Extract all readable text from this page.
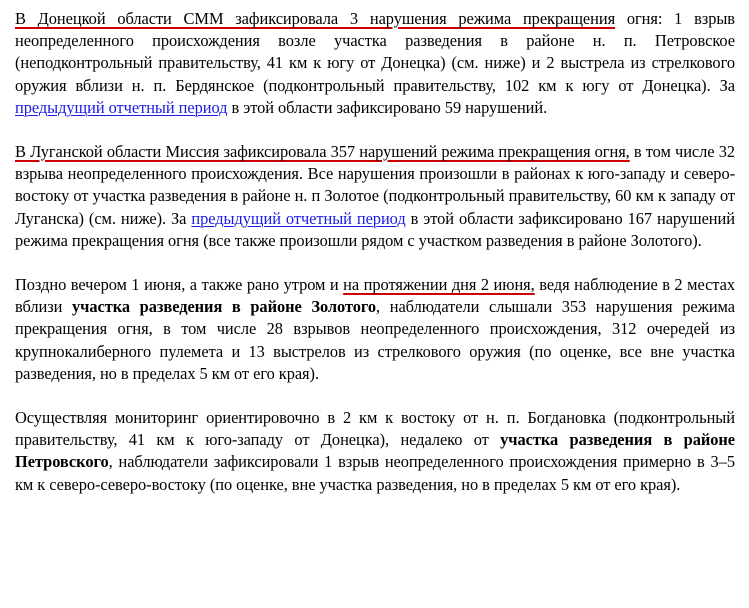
В Донецкой области СММ зафиксировала 3 нарушения режима прекращения огня: 1 взрыв неопределенного происхождения возле участка разведения в районе н. п. Петровское (неподконтрольный правительству, 41 км к югу от Донецка) (см. ниже) и 2 выстрела из стрелкового оружия вблизи н. п. Бердянское (подконтрольный правительству, 102 км к югу от Донецка). За предыдущий отчетный период в этой области зафиксировано 59 нарушений.

В Луганской области Миссия зафиксировала 357 нарушений режима прекращения огня, в том числе 32 взрыва неопределенного происхождения. Все нарушения произошли в районах к юго-западу и северо-востоку от участка разведения в районе н. п Золотое (подконтрольный правительству, 60 км к западу от Луганска) (см. ниже). За предыдущий отчетный период в этой области зафиксировано 167 нарушений режима прекращения огня (все также произошли рядом с участком разведения в районе Золотого).

Поздно вечером 1 июня, а также рано утром и на протяжении дня 2 июня, ведя наблюдение в 2 местах вблизи участка разведения в районе Золотого, наблюдатели слышали 353 нарушения режима прекращения огня, в том числе 28 взрывов неопределенного происхождения, 312 очередей из крупнокалиберного пулемета и 13 выстрелов из стрелкового оружия (по оценке, все вне участка разведения, но в пределах 5 км от его края).

Осуществляя мониторинг ориентировочно в 2 км к востоку от н. п. Богдановка (подконтрольный правительству, 41 км к юго-западу от Донецка), недалеко от участка разведения в районе Петровского, наблюдатели зафиксировали 1 взрыв неопределенного происхождения примерно в 3–5 км к северо-северо-востоку (по оценке, вне участка разведения, но в пределах 5 км от его края).
